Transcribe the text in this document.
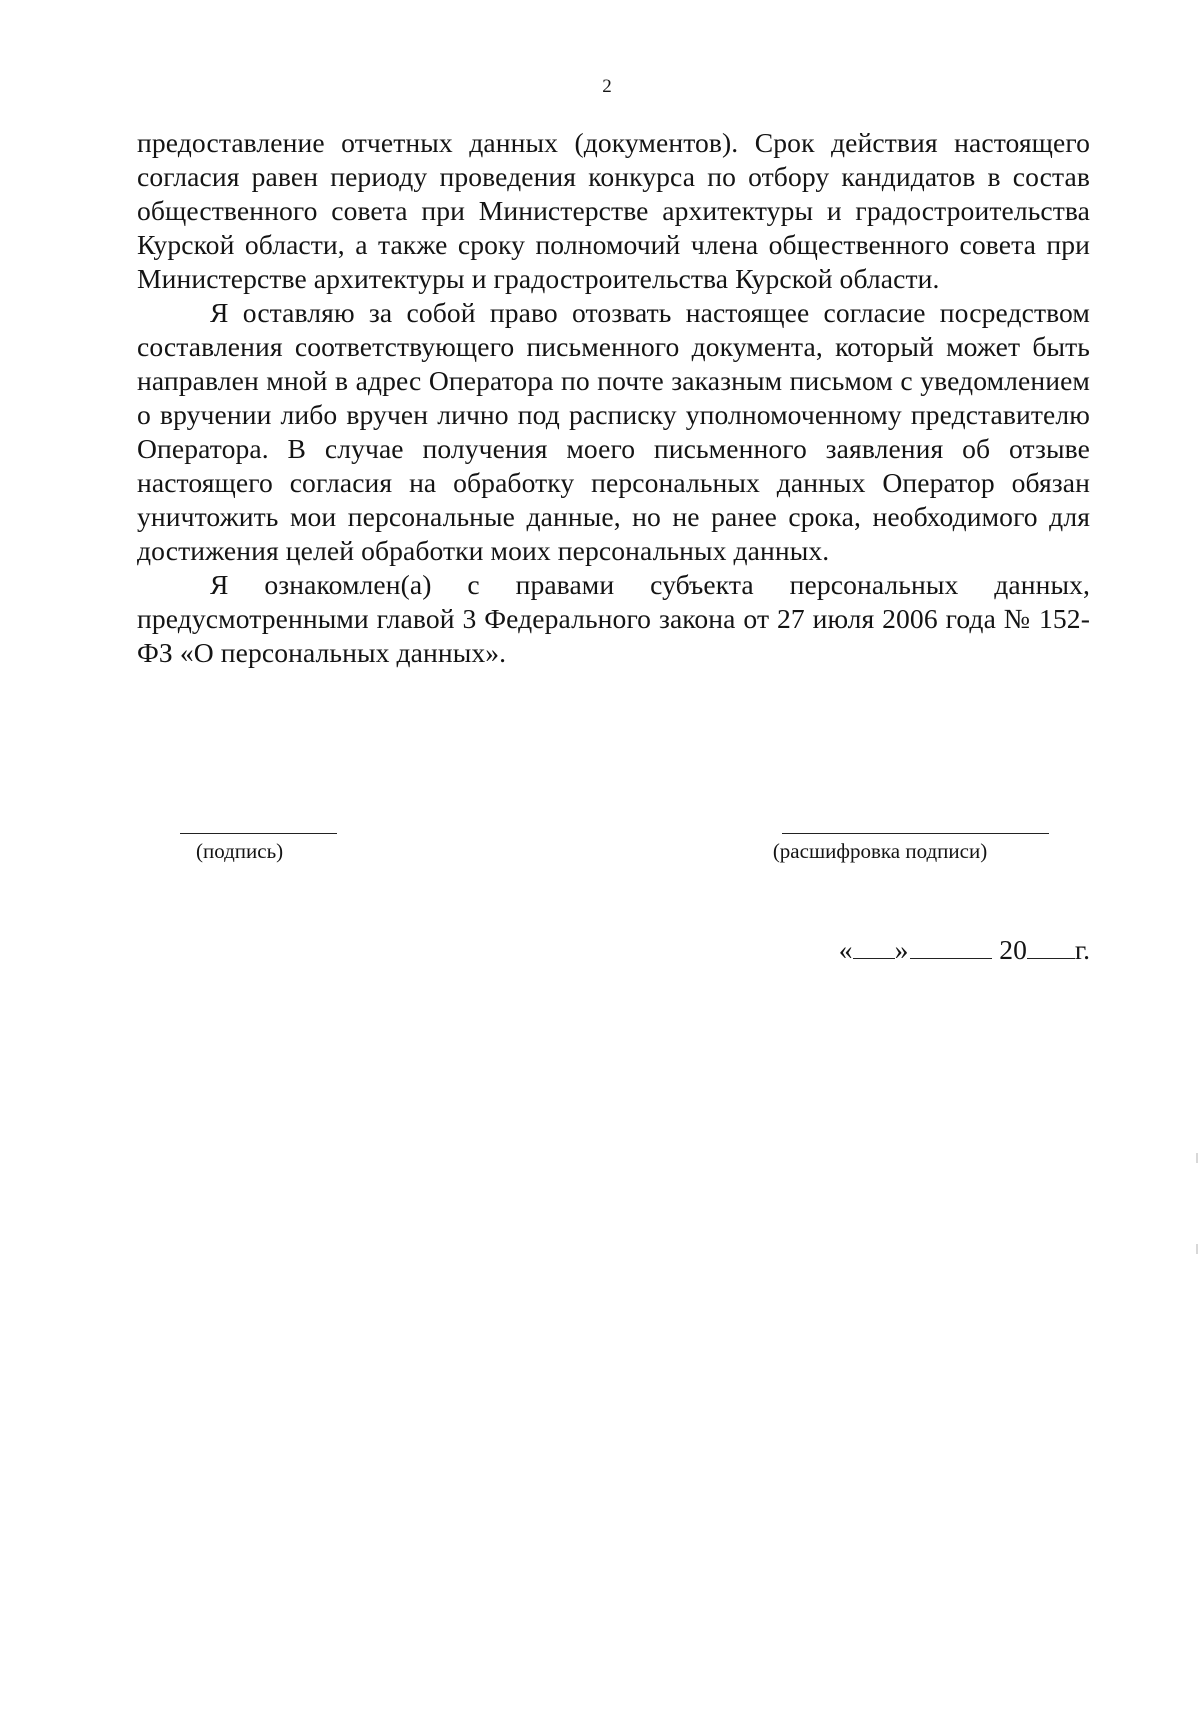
2

предоставление отчетных данных (документов). Срок действия настоящего согласия равен периоду проведения конкурса по отбору кандидатов в состав общественного совета при Министерстве архитектуры и градостроительства Курской области, а также сроку полномочий члена общественного совета при Министерстве архитектуры и градостроительства Курской области.

Я оставляю за собой право отозвать настоящее согласие посредством составления соответствующего письменного документа, который может быть направлен мной в адрес Оператора по почте заказным письмом с уведомлением о вручении либо вручен лично под расписку уполномоченному представителю Оператора. В случае получения моего письменного заявления об отзыве настоящего согласия на обработку персональных данных Оператор обязан уничтожить мои персональные данные, но не ранее срока, необходимого для достижения целей обработки моих персональных данных.

Я ознакомлен(а) с правами субъекта персональных данных, предусмотренными главой 3 Федерального закона от 27 июля 2006 года № 152-ФЗ «О персональных данных».

(подпись)	(расшифровка подписи)
« »	20 г.
